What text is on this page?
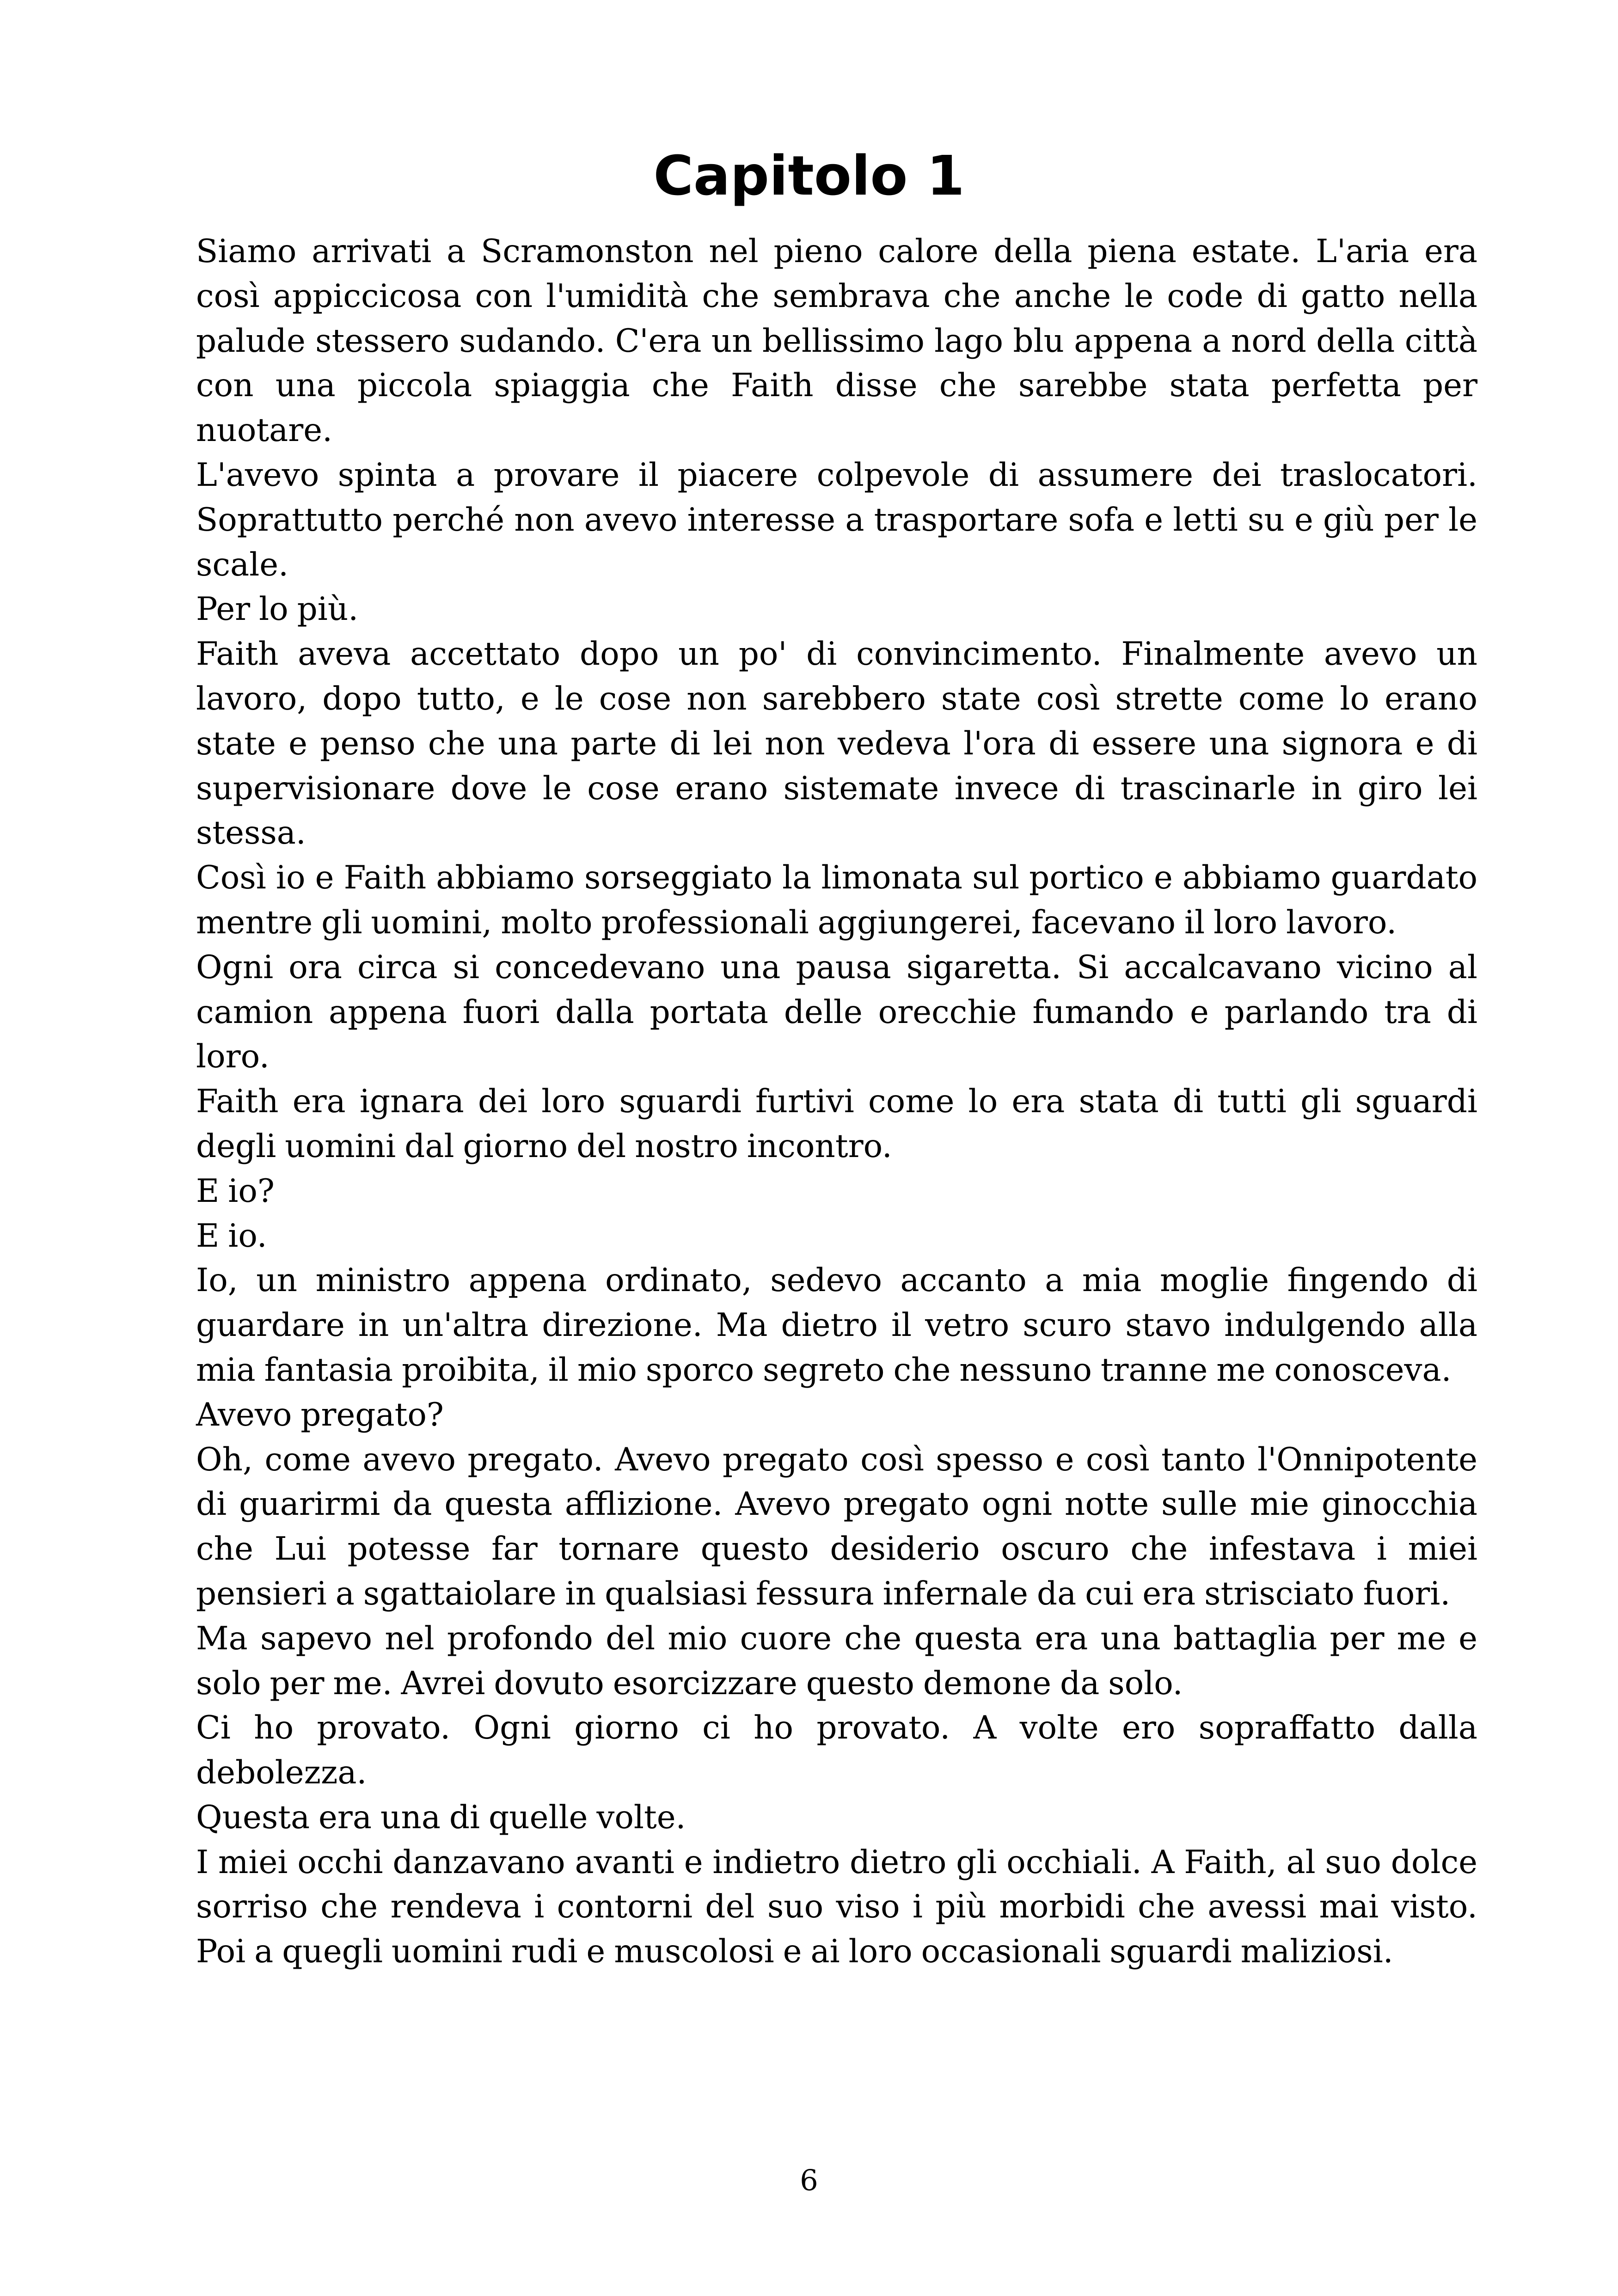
Capitolo 1

Siamo arrivati a Scramonston nel pieno calore della piena estate. L'aria era così appiccicosa con l'umidità che sembrava che anche le code di gatto nella palude stessero sudando. C'era un bellissimo lago blu appena a nord della città con una piccola spiaggia che Faith disse che sarebbe stata perfetta per nuotare.

L'avevo spinta a provare il piacere colpevole di assumere dei traslocatori. Soprattutto perché non avevo interesse a trasportare sofa e letti su e giù per le scale.

Per lo più.

Faith aveva accettato dopo un po' di convincimento. Finalmente avevo un lavoro, dopo tutto, e le cose non sarebbero state così strette come lo erano state e penso che una parte di lei non vedeva l'ora di essere una signora e di supervisionare dove le cose erano sistemate invece di trascinarle in giro lei stessa.

Così io e Faith abbiamo sorseggiato la limonata sul portico e abbiamo guardato mentre gli uomini, molto professionali aggiungerei, facevano il loro lavoro.

Ogni ora circa si concedevano una pausa sigaretta. Si accalcavano vicino al camion appena fuori dalla portata delle orecchie fumando e parlando tra di loro.

Faith era ignara dei loro sguardi furtivi come lo era stata di tutti gli sguardi degli uomini dal giorno del nostro incontro.

E io?

E io.

Io, un ministro appena ordinato, sedevo accanto a mia moglie fingendo di guardare in un'altra direzione. Ma dietro il vetro scuro stavo indulgendo alla mia fantasia proibita, il mio sporco segreto che nessuno tranne me conosceva.

Avevo pregato?

Oh, come avevo pregato. Avevo pregato così spesso e così tanto l'Onnipotente di guarirmi da questa afflizione. Avevo pregato ogni notte sulle mie ginocchia che Lui potesse far tornare questo desiderio oscuro che infestava i miei pensieri a sgattaiolare in qualsiasi fessura infernale da cui era strisciato fuori.

Ma sapevo nel profondo del mio cuore che questa era una battaglia per me e solo per me. Avrei dovuto esorcizzare questo demone da solo.

Ci ho provato. Ogni giorno ci ho provato. A volte ero sopraffatto dalla debolezza.

Questa era una di quelle volte.

I miei occhi danzavano avanti e indietro dietro gli occhiali. A Faith, al suo dolce sorriso che rendeva i contorni del suo viso i più morbidi che avessi mai visto. Poi a quegli uomini rudi e muscolosi e ai loro occasionali sguardi maliziosi.

6
